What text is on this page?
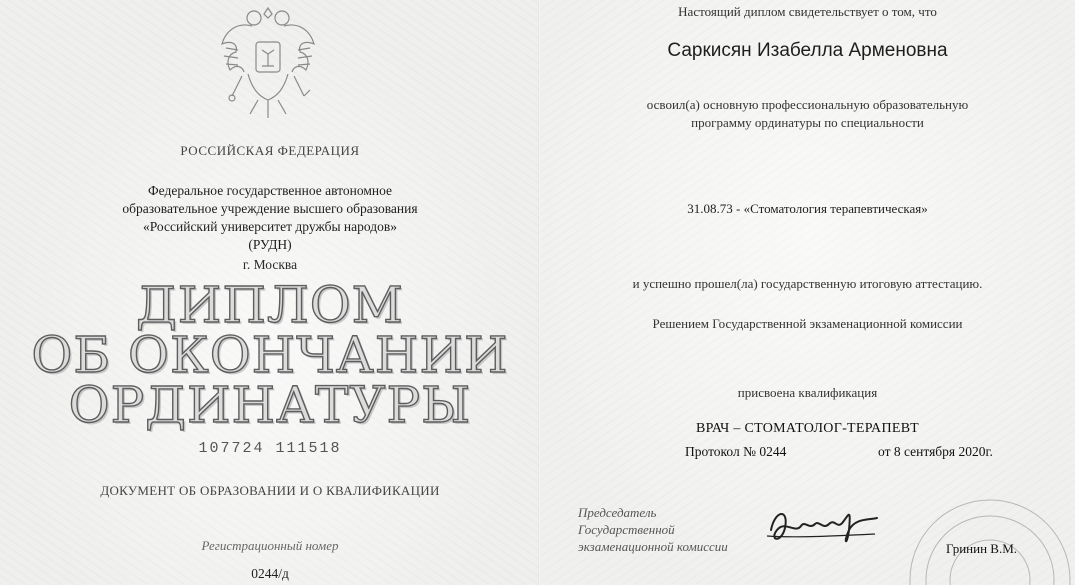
РОССИЙСКАЯ ФЕДЕРАЦИЯ
Федеральное государственное автономное
образовательное учреждение высшего образования
«Российский университет дружбы народов»
(РУДН)
г. Москва
ДИПЛОМ
ОБ ОКОНЧАНИИ
ОРДИНАТУРЫ
107724 111518
ДОКУМЕНТ ОБ ОБРАЗОВАНИИ И О КВАЛИФИКАЦИИ
Регистрационный номер
0244/д
Настоящий диплом свидетельствует о том, что
Саркисян Изабелла Арменовна
освоил(а) основную профессиональную образовательную
программу ординатуры по специальности
31.08.73 - «Стоматология терапевтическая»
и успешно прошел(ла) государственную итоговую аттестацию.
Решением Государственной экзаменационной комиссии
присвоена квалификация
ВРАЧ – СТОМАТОЛОГ-ТЕРАПЕВТ
Протокол № 0244	от 8 сентября 2020г.
Председатель
Государственной
экзаменационной комиссии	Гринин В.М.
